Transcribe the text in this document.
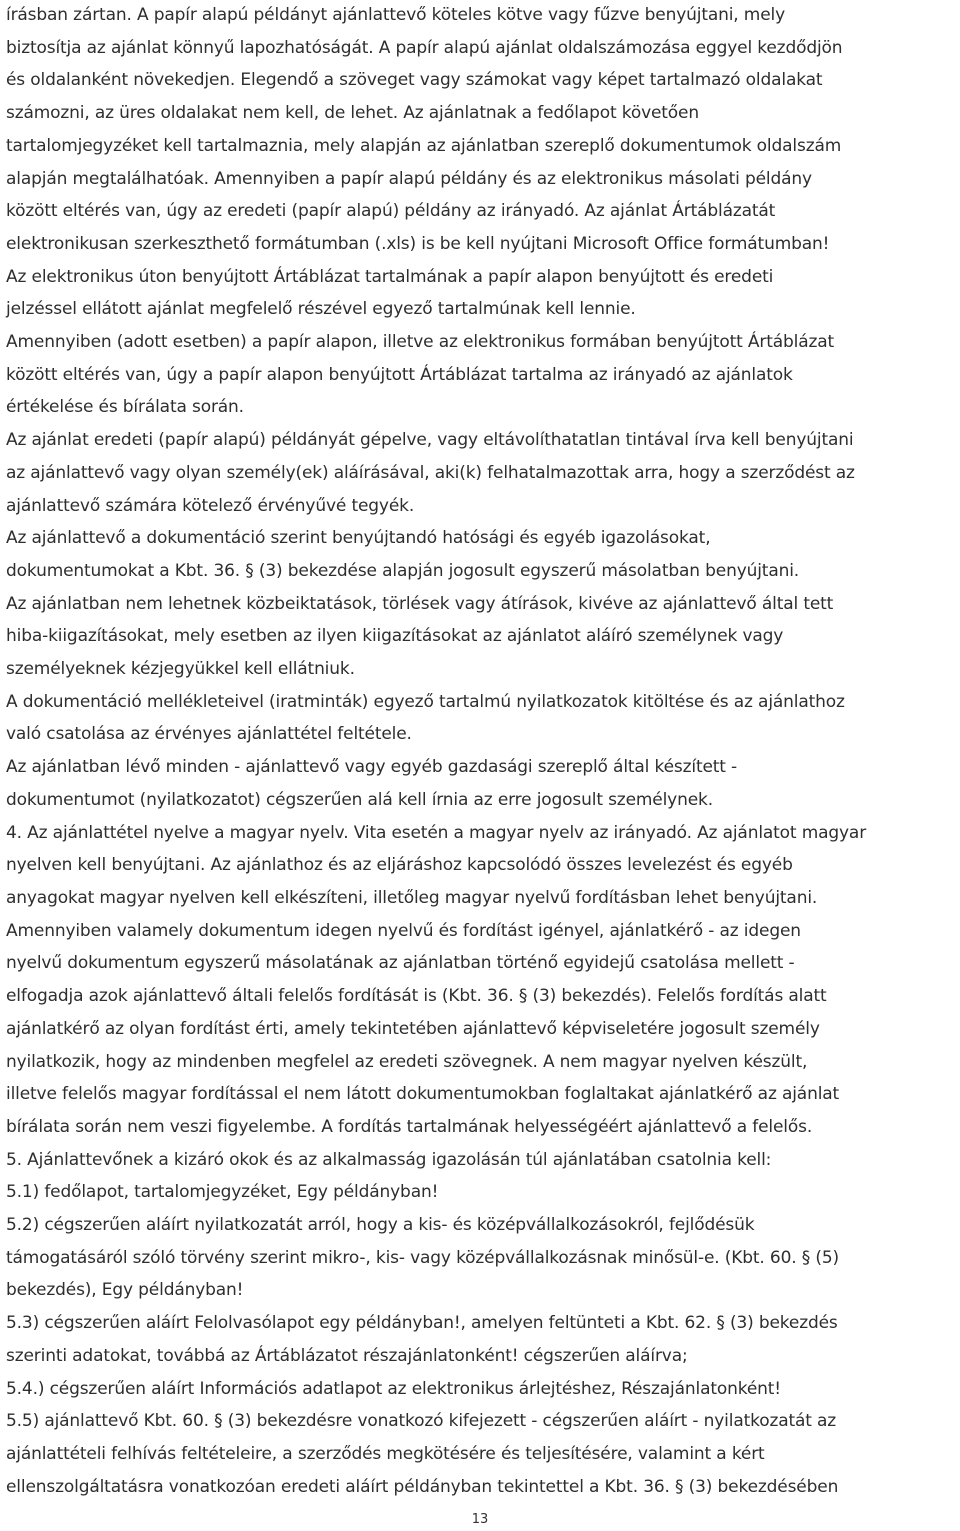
írásban zártan. A papír alapú példányt ajánlattevő köteles kötve vagy fűzve benyújtani, mely
biztosítja az ajánlat könnyű lapozhatóságát. A papír alapú ajánlat oldalszámozása eggyel kezdődjön
és oldalanként növekedjen. Elegendő a szöveget vagy számokat vagy képet tartalmazó oldalakat
számozni, az üres oldalakat nem kell, de lehet. Az ajánlatnak a fedőlapot követően
tartalomjegyzéket kell tartalmaznia, mely alapján az ajánlatban szereplő dokumentumok oldalszám
alapján megtalálhatóak. Amennyiben a papír alapú példány és az elektronikus másolati példány
között eltérés van, úgy az eredeti (papír alapú) példány az irányadó. Az ajánlat Ártáblázatát
elektronikusan szerkeszthető formátumban (.xls) is be kell nyújtani Microsoft Office formátumban!

Az elektronikus úton benyújtott Ártáblázat tartalmának a papír alapon benyújtott és eredeti
jelzéssel ellátott ajánlat megfelelő részével egyező tartalmúnak kell lennie.

Amennyiben (adott esetben) a papír alapon, illetve az elektronikus formában benyújtott Ártáblázat
között eltérés van, úgy a papír alapon benyújtott Ártáblázat tartalma az irányadó az ajánlatok
értékelése és bírálata során.

Az ajánlat eredeti (papír alapú) példányát gépelve, vagy eltávolíthatatlan tintával írva kell benyújtani
az ajánlattevő vagy olyan személy(ek) aláírásával, aki(k) felhatalmazottak arra, hogy a szerződést az
ajánlattevő számára kötelező érvényűvé tegyék.

Az ajánlattevő a dokumentáció szerint benyújtandó hatósági és egyéb igazolásokat,
dokumentumokat a Kbt. 36. § (3) bekezdése alapján jogosult egyszerű másolatban benyújtani.

Az ajánlatban nem lehetnek közbeiktatások, törlések vagy átírások, kivéve az ajánlattevő által tett
hiba-kiigazításokat, mely esetben az ilyen kiigazításokat az ajánlatot aláíró személynek vagy
személyeknek kézjegyükkel kell ellátniuk.

A dokumentáció mellékleteivel (iratminták) egyező tartalmú nyilatkozatok kitöltése és az ajánlathoz
való csatolása az érvényes ajánlattétel feltétele.

Az ajánlatban lévő minden - ajánlattevő vagy egyéb gazdasági szereplő által készített -
dokumentumot (nyilatkozatot) cégszerűen alá kell írnia az erre jogosult személynek.

4. Az ajánlattétel nyelve a magyar nyelv. Vita esetén a magyar nyelv az irányadó. Az ajánlatot magyar
nyelven kell benyújtani. Az ajánlathoz és az eljáráshoz kapcsolódó összes levelezést és egyéb
anyagokat magyar nyelven kell elkészíteni, illetőleg magyar nyelvű fordításban lehet benyújtani.
Amennyiben valamely dokumentum idegen nyelvű és fordítást igényel, ajánlatkérő - az idegen
nyelvű dokumentum egyszerű másolatának az ajánlatban történő egyidejű csatolása mellett -
elfogadja azok ajánlattevő általi felelős fordítását is (Kbt. 36. § (3) bekezdés). Felelős fordítás alatt
ajánlatkérő az olyan fordítást érti, amely tekintetében ajánlattevő képviseletére jogosult személy
nyilatkozik, hogy az mindenben megfelel az eredeti szövegnek. A nem magyar nyelven készült,
illetve felelős magyar fordítással el nem látott dokumentumokban foglaltakat ajánlatkérő az ajánlat
bírálata során nem veszi figyelembe. A fordítás tartalmának helyességéért ajánlattevő a felelős.

5. Ajánlattevőnek a kizáró okok és az alkalmasság igazolásán túl ajánlatában csatolnia kell:

5.1) fedőlapot, tartalomjegyzéket, Egy példányban!

5.2) cégszerűen aláírt nyilatkozatát arról, hogy a kis- és középvállalkozásokról, fejlődésük
támogatásáról szóló törvény szerint mikro-, kis- vagy középvállalkozásnak minősül-e. (Kbt. 60. § (5)
bekezdés), Egy példányban!

5.3) cégszerűen aláírt Felolvasólapot egy példányban!, amelyen feltünteti a Kbt. 62. § (3) bekezdés
szerinti adatokat, továbbá az Ártáblázatot részajánlatonként! cégszerűen aláírva;

5.4.) cégszerűen aláírt Információs adatlapot az elektronikus árlejtéshez, Részajánlatonként!

5.5) ajánlattevő Kbt. 60. § (3) bekezdésre vonatkozó kifejezett - cégszerűen aláírt - nyilatkozatát az
ajánlattételi felhívás feltételeire, a szerződés megkötésére és teljesítésére, valamint a kért
ellenszolgáltatásra vonatkozóan eredeti aláírt példányban tekintettel a Kbt. 36. § (3) bekezdésében

13
